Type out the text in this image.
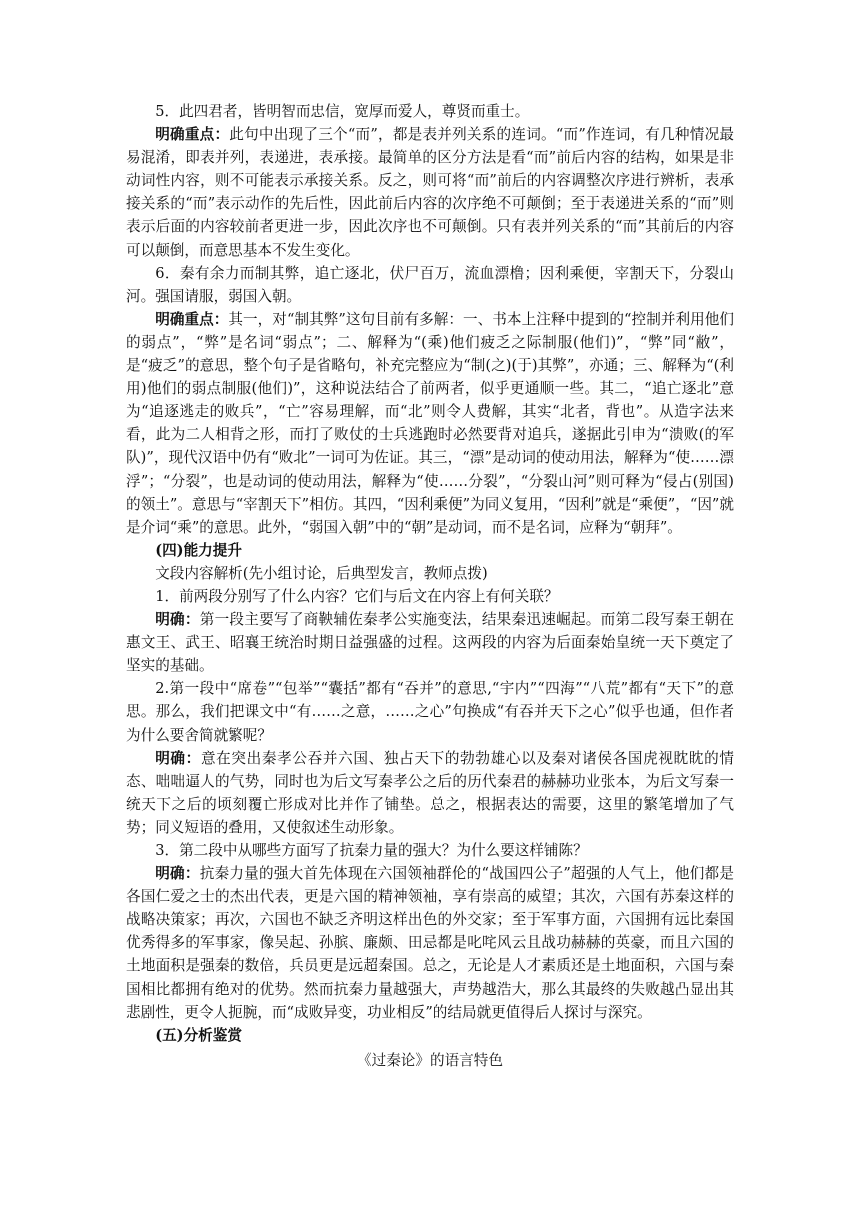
5．此四君者，皆明智而忠信，宽厚而爱人，尊贤而重士。

明确重点：此句中出现了三个“而”，都是表并列关系的连词。“而”作连词，有几种情况最易混淆，即表并列，表递进，表承接。最简单的区分方法是看“而”前后内容的结构，如果是非动词性内容，则不可能表示承接关系。反之，则可将“而”前后的内容调整次序进行辨析，表承接关系的“而”表示动作的先后性，因此前后内容的次序绝不可颠倒；至于表递进关系的“而”则表示后面的内容较前者更进一步，因此次序也不可颠倒。只有表并列关系的“而”其前后的内容可以颠倒，而意思基本不发生变化。

6．秦有余力而制其弊，追亡逐北，伏尸百万，流血漂橹；因利乘便，宰割天下，分裂山河。强国请服，弱国入朝。

明确重点：其一，对“制其弊”这句目前有多解：一、书本上注释中提到的“控制并利用他们的弱点”，“弊”是名词“弱点”；二、解释为“(乘)他们疲乏之际制服(他们)”，“弊”同“敝”，是“疲乏”的意思，整个句子是省略句，补充完整应为“制(之)(于)其弊”，亦通；三、解释为“(利用)他们的弱点制服(他们)”，这种说法结合了前两者，似乎更通顺一些。其二，“追亡逐北”意为“追逐逃走的败兵”，“亡”容易理解，而“北”则令人费解，其实“北者，背也”。从造字法来看，此为二人相背之形，而打了败仗的士兵逃跑时必然要背对追兵，遂据此引申为“溃败(的军队)”，现代汉语中仍有“败北”一词可为佐证。其三，“漂”是动词的使动用法，解释为“使……漂浮”；“分裂”，也是动词的使动用法，解释为“使……分裂”，“分裂山河”则可释为“侵占(别国)的领土”。意思与“宰割天下”相仿。其四，“因利乘便”为同义复用，“因利”就是“乘便”，“因”就是介词“乘”的意思。此外，“弱国入朝”中的“朝”是动词，而不是名词，应释为“朝拜”。

(四)能力提升

文段内容解析(先小组讨论，后典型发言，教师点拨)

1．前两段分别写了什么内容？它们与后文在内容上有何关联？

明确：第一段主要写了商鞅辅佐秦孝公实施变法，结果秦迅速崛起。而第二段写秦王朝在惠文王、武王、昭襄王统治时期日益强盛的过程。这两段的内容为后面秦始皇统一天下奠定了坚实的基础。

2.第一段中“席卷”“包举”“囊括”都有“吞并”的意思,“宇内”“四海”“八荒”都有“天下”的意思。那么，我们把课文中“有……之意，……之心”句换成“有吞并天下之心”似乎也通，但作者为什么要舍简就繁呢？

明确：意在突出秦孝公吞并六国、独占天下的勃勃雄心以及秦对诸侯各国虎视眈眈的情态、咄咄逼人的气势，同时也为后文写秦孝公之后的历代秦君的赫赫功业张本，为后文写秦一统天下之后的顷刻覆亡形成对比并作了铺垫。总之，根据表达的需要，这里的繁笔增加了气势；同义短语的叠用，又使叙述生动形象。

3．第二段中从哪些方面写了抗秦力量的强大？为什么要这样铺陈？

明确：抗秦力量的强大首先体现在六国领袖群伦的“战国四公子”超强的人气上，他们都是各国仁爱之士的杰出代表，更是六国的精神领袖，享有崇高的威望；其次，六国有苏秦这样的战略决策家；再次，六国也不缺乏齐明这样出色的外交家；至于军事方面，六国拥有远比秦国优秀得多的军事家，像吴起、孙膑、廉颇、田忌都是叱咤风云且战功赫赫的英豪，而且六国的土地面积是强秦的数倍，兵员更是远超秦国。总之，无论是人才素质还是土地面积，六国与秦国相比都拥有绝对的优势。然而抗秦力量越强大，声势越浩大，那么其最终的失败越凸显出其悲剧性，更令人扼腕，而“成败异变，功业相反”的结局就更值得后人探讨与深究。

(五)分析鉴赏

《过秦论》的语言特色
